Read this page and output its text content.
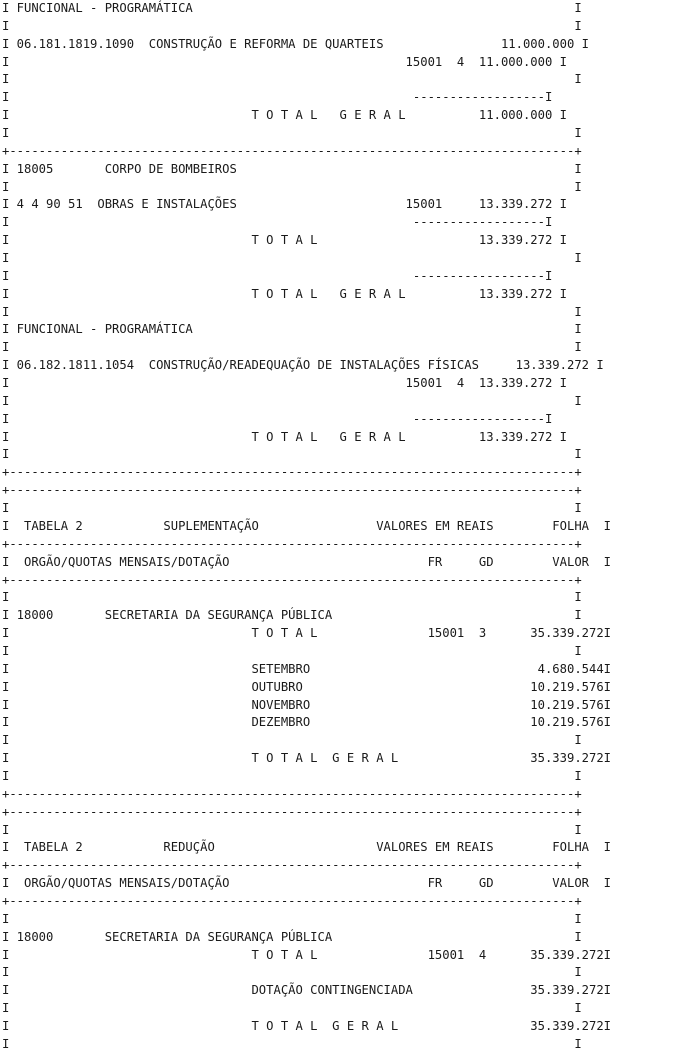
I FUNCIONAL - PROGRAMÁTICA                                                    I
I                                                                             I
I 06.181.1819.1090  CONSTRUÇÃO E REFORMA DE QUARTEIS                11.000.000 I
I                                                      15001  4  11.000.000 I
I                                                                             I
I                                                       ------------------I
I                                 T O T A L   G E R A L          11.000.000 I
I                                                                             I
+-----------------------------------------------------------------------------+
I 18005       CORPO DE BOMBEIROS                                              I
I                                                                             I
I 4 4 90 51  OBRAS E INSTALAÇÕES                       15001     13.339.272 I
I                                                       ------------------I
I                                 T O T A L                      13.339.272 I
I                                                                             I
I                                                       ------------------I
I                                 T O T A L   G E R A L          13.339.272 I
I                                                                             I
I FUNCIONAL - PROGRAMÁTICA                                                    I
I                                                                             I
I 06.182.1811.1054  CONSTRUÇÃO/READEQUAÇÃO DE INSTALAÇÕES FÍSICAS     13.339.272 I
I                                                      15001  4  13.339.272 I
I                                                                             I
I                                                       ------------------I
I                                 T O T A L   G E R A L          13.339.272 I
I                                                                             I
+-----------------------------------------------------------------------------+
+-----------------------------------------------------------------------------+
I                                                                             I
I  TABELA 2           SUPLEMENTAÇÃO                VALORES EM REAIS        FOLHA  I
+-----------------------------------------------------------------------------+
I  ORGÃO/QUOTAS MENSAIS/DOTAÇÃO                           FR     GD        VALOR  I
+-----------------------------------------------------------------------------+
I                                                                             I
I 18000       SECRETARIA DA SEGURANÇA PÚBLICA                                 I
I                                 T O T A L               15001  3      35.339.272I
I                                                                             I
I                                 SETEMBRO                               4.680.544I
I                                 OUTUBRO                               10.219.576I
I                                 NOVEMBRO                              10.219.576I
I                                 DEZEMBRO                              10.219.576I
I                                                                             I
I                                 T O T A L  G E R A L                  35.339.272I
I                                                                             I
+-----------------------------------------------------------------------------+
+-----------------------------------------------------------------------------+
I                                                                             I
I  TABELA 2           REDUÇÃO                      VALORES EM REAIS        FOLHA  I
+-----------------------------------------------------------------------------+
I  ORGÃO/QUOTAS MENSAIS/DOTAÇÃO                           FR     GD        VALOR  I
+-----------------------------------------------------------------------------+
I                                                                             I
I 18000       SECRETARIA DA SEGURANÇA PÚBLICA                                 I
I                                 T O T A L               15001  4      35.339.272I
I                                                                             I
I                                 DOTAÇÃO CONTINGENCIADA                35.339.272I
I                                                                             I
I                                 T O T A L  G E R A L                  35.339.272I
I                                                                             I
